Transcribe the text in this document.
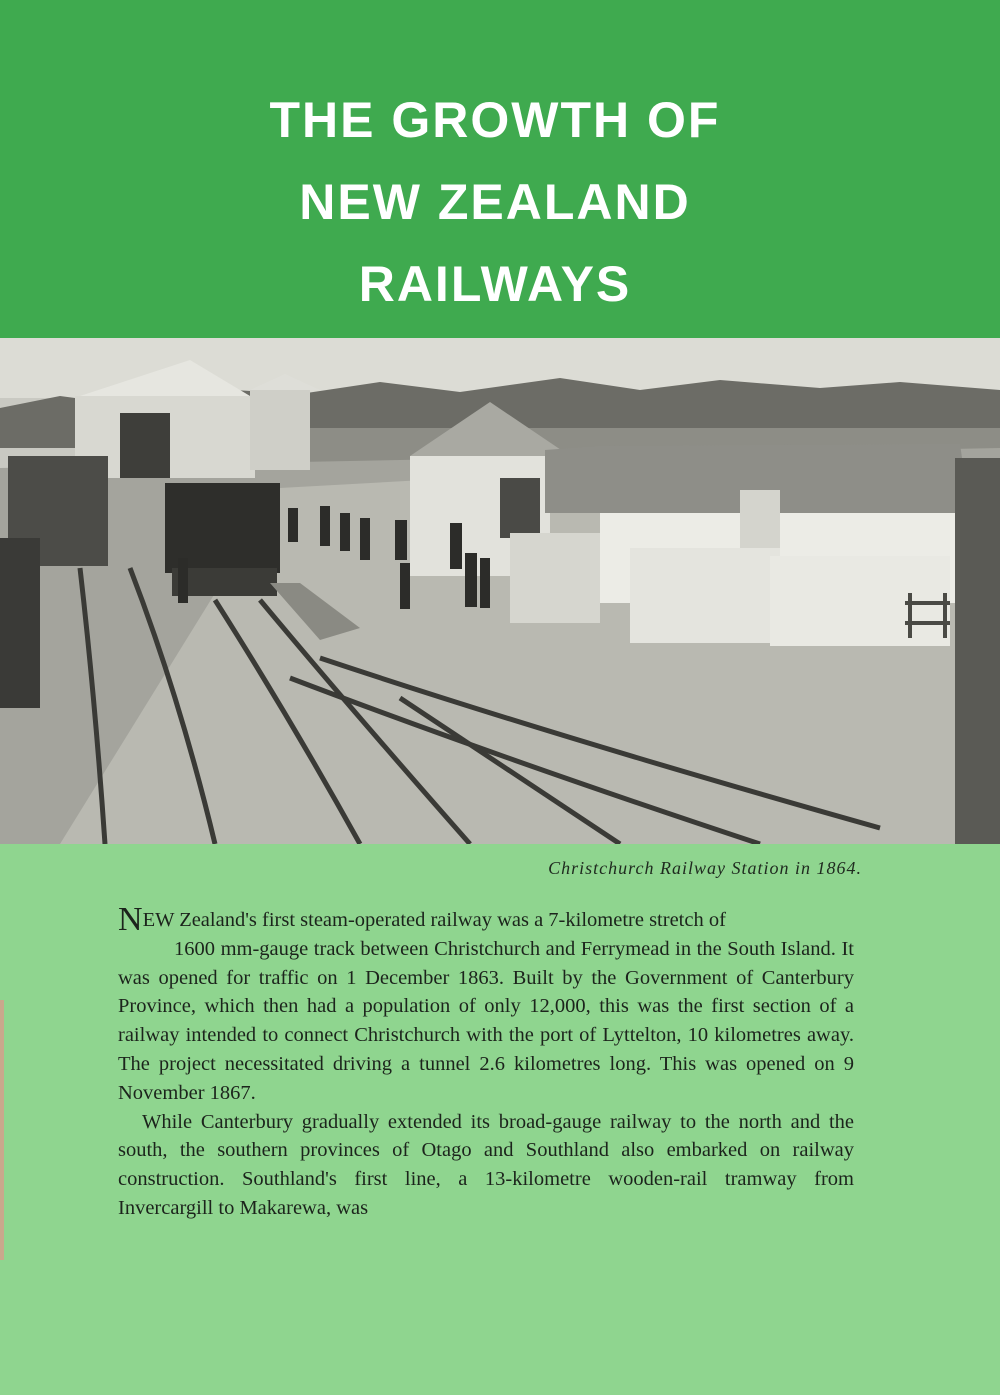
THE GROWTH OF
NEW ZEALAND
RAILWAYS
Christchurch Railway Station in 1864.

NEW Zealand's first steam-operated railway was a 7-kilometre stretch of
1600 mm-gauge track between Christchurch and Ferrymead in the South Island. It was opened for traffic on 1 December 1863. Built by the Government of Canterbury Province, which then had a population of only 12,000, this was the first section of a railway intended to connect Christchurch with the port of Lyttelton, 10 kilometres away. The project necessitated driving a tunnel 2.6 kilometres long. This was opened on 9 November 1867.

While Canterbury gradually extended its broad-gauge railway to the north and the south, the southern provinces of Otago and Southland also embarked on railway construction. Southland's first line, a 13-kilometre wooden-rail tramway from Invercargill to Makarewa, was
